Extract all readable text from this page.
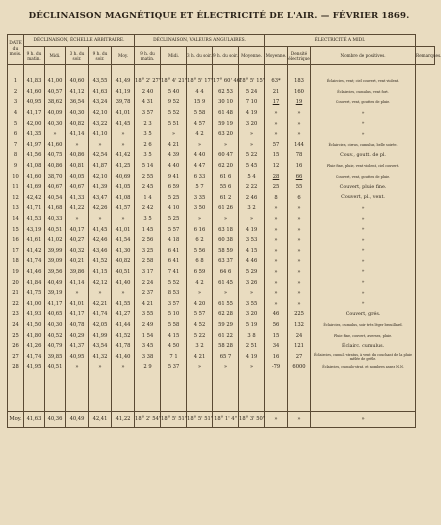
DÉCLINAISON MAGNÉTIQUE ET ÉLECTRICITÉ DE L'AIR. — FÉVRIER 1869.
DATE du mois.	DÉCLINAISON, ÉCHELLE ARBITRAIRE.					DÉCLINAISON, VALEURS ANGULAIRES.					ÉLECTRICITÉ A MIDI.			
	9 h. du matin.	Midi.	3 h. du soir.	9 h. du soir.	Moy.	9 h. du matin.	Midi.	3 h. du soir.	9 h. du soir.	Moyenne.	Moyenne.	Densité électrique	Nombre de positives.	Remarques.

1	41,83	41,00	40,60	43,55	41,49	18° 2' 27"	18° 4' 21"	18° 5' 17"	17° 60' 46"	18° 5' 15"	63*	183	Éclaircies, vent; ciel couvert, vent violent.	
2	41,60	40,57	41,12	41,63	41,19	2 40	5 40	4 4	62 53	5 24	21	160	Éclaircies, cumulus, vent fort.	
3	40,95	38,62	36,54	43,24	39,78	4 31	9 52	15 9	30 10	7 10	17	19	Couvert, vent, gouttes de pluie.	
4	41,17	40,09	40,30	42,10	41,01	3 57	5 52	5 58	61 48	4 19	»	»	»	
5	42,00	40,30	40,82	43,22	41,45	2 3	5 51	4 57	59 19	3 20	»	»	»	
6	41,35	»	41,14	41,10	»	3 5	»	4 2	63 20	»	»	»	»	
7	41,97	41,60	»	»	»	2 6	4 21	»	»	»	57	144	Éclaircies, cirrus, cumulus, belle soirée.	
8	41,56	40,75	40,86	42,54	41,42	3 5	4 39	4 40	60 47	5 22	15	78	Couv., goutt. de pl.	
9	41,08	40,86	40,81	41,87	41,25	5 14	4 40	4 47	62 20	5 45	12	16	Pluie fine, pluie, vent violent, ciel couvert.	
10	41,60	38,70	40,05	42,10	40,69	2 55	9 41	6 33	61 6	5 4	28	66	Couvert, vent, gouttes de pluie.	
11	41,69	40,67	40,67	41,39	41,05	2 45	6 59	5 7	55 6	2 22	25	55	Couvert, pluie fine.	
12	42,42	40,54	41,33	43,47	41,08	1 4	5 25	3 35	61 2	2 46	8	6	Couvert, pl., vent.	
13	41,71	41,68	41,22	42,26	41,57	2 42	4 10	3 50	61 26	3 2	»	»	»	
14	41,53	40,33	»	»	»	3 5	5 25	»	»	»	»	»	»	
15	43,19	40,51	40,17	41,45	41,01	1 45	5 57	6 16	63 18	4 19	»	»	»	
16	41,61	41,02	40,27	42,46	41,54	2 56	4 18	6 2	60 38	3 53	»	»	»	
17	41,42	39,99	40,32	43,46	41,30	3 25	6 41	5 56	58 59	4 15	»	»	»	
18	41,74	39,09	40,21	41,52	40,82	2 58	6 41	6 8	63 37	4 46	»	»	»	
19	41,46	39,56	39,86	41,15	40,51	3 17	7 41	6 59	64 6	5 29	»	»	»	
20	41,84	40,49	41,14	42,12	41,40	2 24	5 52	4 2	61 45	3 26	»	»	»	
21	41,75	39,19	»	»	»	2 37	8 53	»	»	»	»	»	»	
22	41,00	41,17	41,01	42,21	41,55	4 21	3 57	4 20	61 55	3 55	»	»	»	
23	41,93	40,65	41,17	41,74	41,27	3 55	5 10	5 57	62 28	3 20	46	225	Couvert, grés.	
24	41,50	40,30	40,78	42,05	41,44	2 49	5 58	4 52	59 29	5 19	56	132	Éclaircies, cumulus, soir très léger brouillard.	
25	41,80	40,52	40,29	41,99	41,52	1 54	4 15	5 22	61 22	3 8	15	24	Pluie fine, couvert, averses, pluie.	
26	41,26	40,79	41,37	43,54	41,78	3 45	4 50	3 2	58 28	2 51	34	121	Éclairc. cumulus.	
27	41,74	39,85	40,95	41,32	41,40	3 38	7 1	4 21	65 7	4 19	16	27	Éclaircies, cumul.-stratus, à vent du couchant de la pluie mêlée de grêle.	
28	41,95	40,51	»	»	»	2 9	5 37	»	»	»	-79	6000	Éclaircies, cumulo-strat. et nombres assez N.N.	

Moy.	41,63	40,36	40,49	42,41	41,22	18° 2' 54"	18° 5' 51"	18° 5' 51"	18° 1' 4"	18° 3' 50"	»	»	»	
